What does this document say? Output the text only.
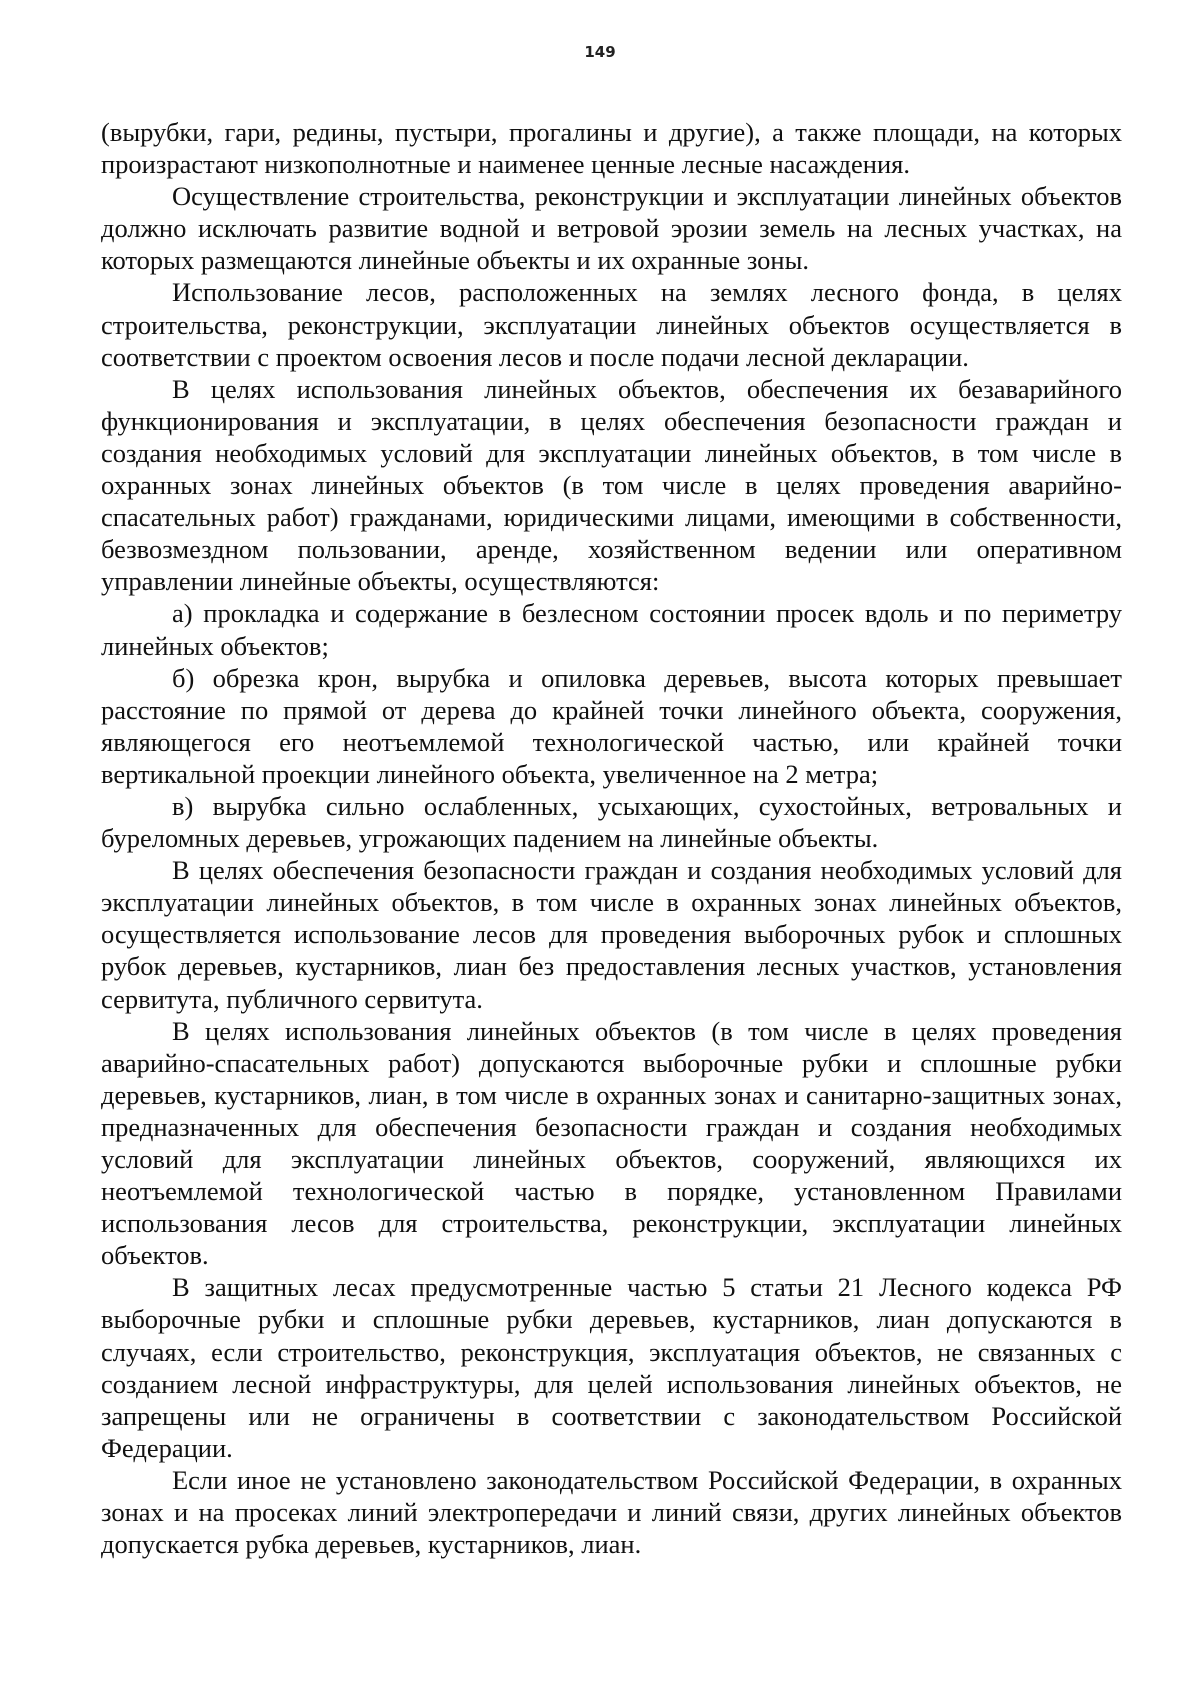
149

(вырубки, гари, редины, пустыри, прогалины и другие), а также площади, на которых произрастают низкополнотные и наименее ценные лесные насаждения.

Осуществление строительства, реконструкции и эксплуатации линейных объектов должно исключать развитие водной и ветровой эрозии земель на лесных участках, на которых размещаются линейные объекты и их охранные зоны.

Использование лесов, расположенных на землях лесного фонда, в целях строительства, реконструкции, эксплуатации линейных объектов осуществляется в соответствии с проектом освоения лесов и после подачи лесной декларации.

В целях использования линейных объектов, обеспечения их безаварийного функционирования и эксплуатации, в целях обеспечения безопасности граждан и создания необходимых условий для эксплуатации линейных объектов, в том числе в охранных зонах линейных объектов (в том числе в целях проведения аварийно-спасательных работ) гражданами, юридическими лицами, имеющими в собственности, безвозмездном пользовании, аренде, хозяйственном ведении или оперативном управлении линейные объекты, осуществляются:

а) прокладка и содержание в безлесном состоянии просек вдоль и по периметру линейных объектов;

б) обрезка крон, вырубка и опиловка деревьев, высота которых превышает расстояние по прямой от дерева до крайней точки линейного объекта, сооружения, являющегося его неотъемлемой технологической частью, или крайней точки вертикальной проекции линейного объекта, увеличенное на 2 метра;

в) вырубка сильно ослабленных, усыхающих, сухостойных, ветровальных и буреломных деревьев, угрожающих падением на линейные объекты.

В целях обеспечения безопасности граждан и создания необходимых условий для эксплуатации линейных объектов, в том числе в охранных зонах линейных объектов, осуществляется использование лесов для проведения выборочных рубок и сплошных рубок деревьев, кустарников, лиан без предоставления лесных участков, установления сервитута, публичного сервитута.

В целях использования линейных объектов (в том числе в целях проведения аварийно-спасательных работ) допускаются выборочные рубки и сплошные рубки деревьев, кустарников, лиан, в том числе в охранных зонах и санитарно-защитных зонах, предназначенных для обеспечения безопасности граждан и создания необходимых условий для эксплуатации линейных объектов, сооружений, являющихся их неотъемлемой технологической частью в порядке, установленном Правилами использования лесов для строительства, реконструкции, эксплуатации линейных объектов.

В защитных лесах предусмотренные частью 5 статьи 21 Лесного кодекса РФ выборочные рубки и сплошные рубки деревьев, кустарников, лиан допускаются в случаях, если строительство, реконструкция, эксплуатация объектов, не связанных с созданием лесной инфраструктуры, для целей использования линейных объектов, не запрещены или не ограничены в соответствии с законодательством Российской Федерации.

Если иное не установлено законодательством Российской Федерации, в охранных зонах и на просеках линий электропередачи и линий связи, других линейных объектов допускается рубка деревьев, кустарников, лиан.
